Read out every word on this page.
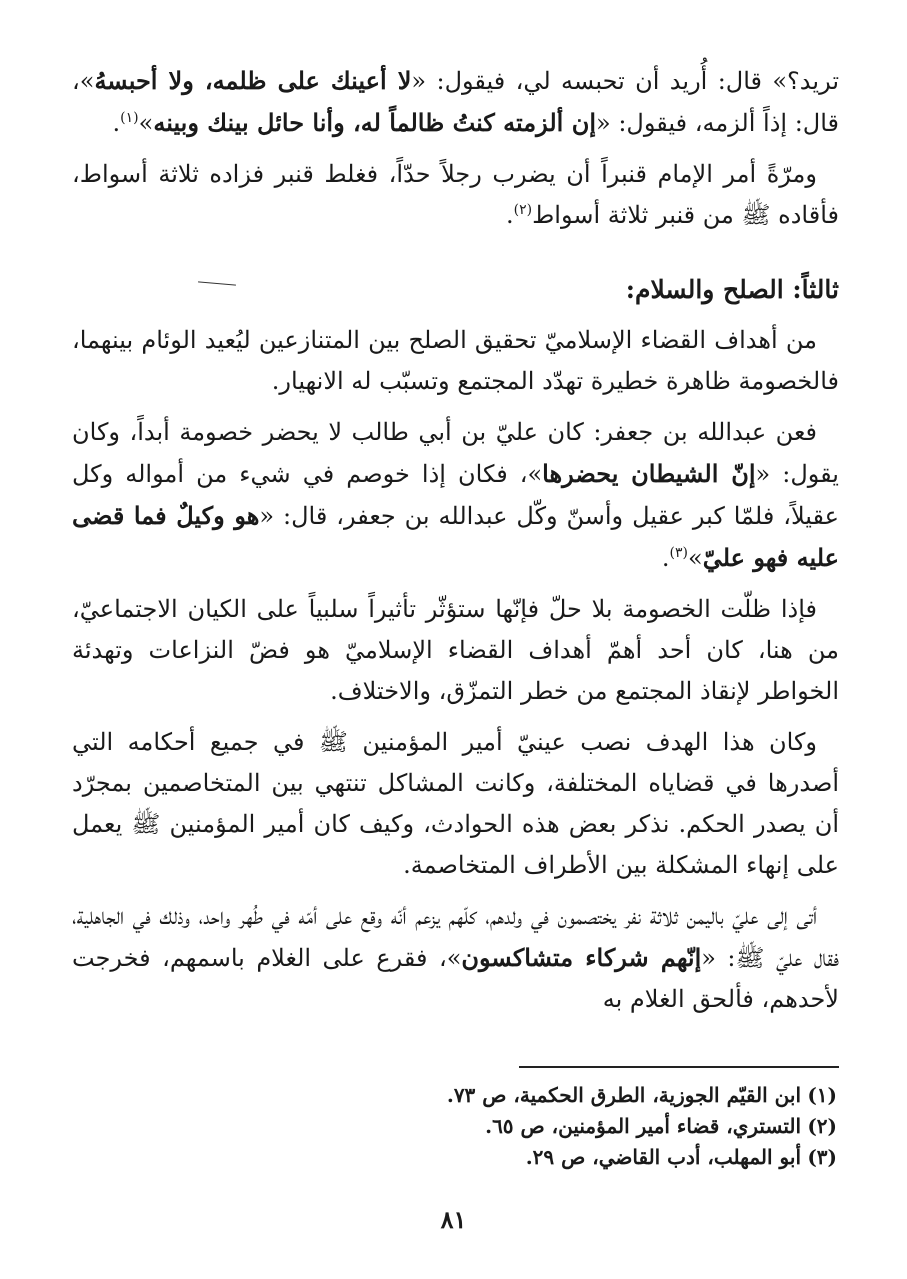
تريد؟» قال: أُريد أن تحبسه لي، فيقول: «لا أعينك على ظلمه، ولا أحبسهُ»، قال: إذاً ألزمه، فيقول: «إن ألزمته كنتُ ظالماً له، وأنا حائل بينك وبينه»$^{(١)}$.

ومرّةً أمر الإمام قنبراً أن يضرب رجلاً حدّاً، فغلط قنبر فزاده ثلاثة أسواط، فأقاده ﷺ من قنبر ثلاثة أسواط$^{(٢)}$.

ثالثاً: الصلح والسلام:

من أهداف القضاء الإسلاميّ تحقيق الصلح بين المتنازعين ليُعيد الوئام بينهما، فالخصومة ظاهرة خطيرة تهدّد المجتمع وتسبّب له الانهيار.

فعن عبدالله بن جعفر: كان عليّ بن أبي طالب لا يحضر خصومة أبداً، وكان يقول: «إنّ الشيطان يحضرها»، فكان إذا خوصم في شيء من أمواله وكل عقيلاً، فلمّا كبر عقيل وأسنّ وكّل عبدالله بن جعفر، قال: «هو وكيلٌ فما قضى عليه فهو عليّ»$^{(٣)}$.

فإذا ظلّت الخصومة بلا حلّ فإنّها ستؤثّر تأثيراً سلبياً على الكيان الاجتماعيّ، من هنا، كان أحد أهمّ أهداف القضاء الإسلاميّ هو فضّ النزاعات وتهدئة الخواطر لإنقاذ المجتمع من خطر التمزّق، والاختلاف.

وكان هذا الهدف نصب عينيّ أمير المؤمنين ﷺ في جميع أحكامه التي أصدرها في قضاياه المختلفة، وكانت المشاكل تنتهي بين المتخاصمين بمجرّد أن يصدر الحكم. نذكر بعض هذه الحوادث، وكيف كان أمير المؤمنين ﷺ يعمل على إنهاء المشكلة بين الأطراف المتخاصمة.

أتى إلى عليّ باليمن ثلاثة نفر يختصمون في ولدهم، كلّهم يزعم أنّه وقع على أمّه في طُهر واحد، وذلك في الجاهلية، فقال عليّ ﷺ: «إنّهم شركاء متشاكسون»، فقرع على الغلام باسمهم، فخرجت لأحدهم، فألحق الغلام به

(١)ابن القيّم الجوزية، الطرق الحكمية، ص ٧٣.
(٢)التستري، قضاء أمير المؤمنين، ص ٦٥.
(٣)أبو المهلب، أدب القاضي، ص ٢٩.
٨١
